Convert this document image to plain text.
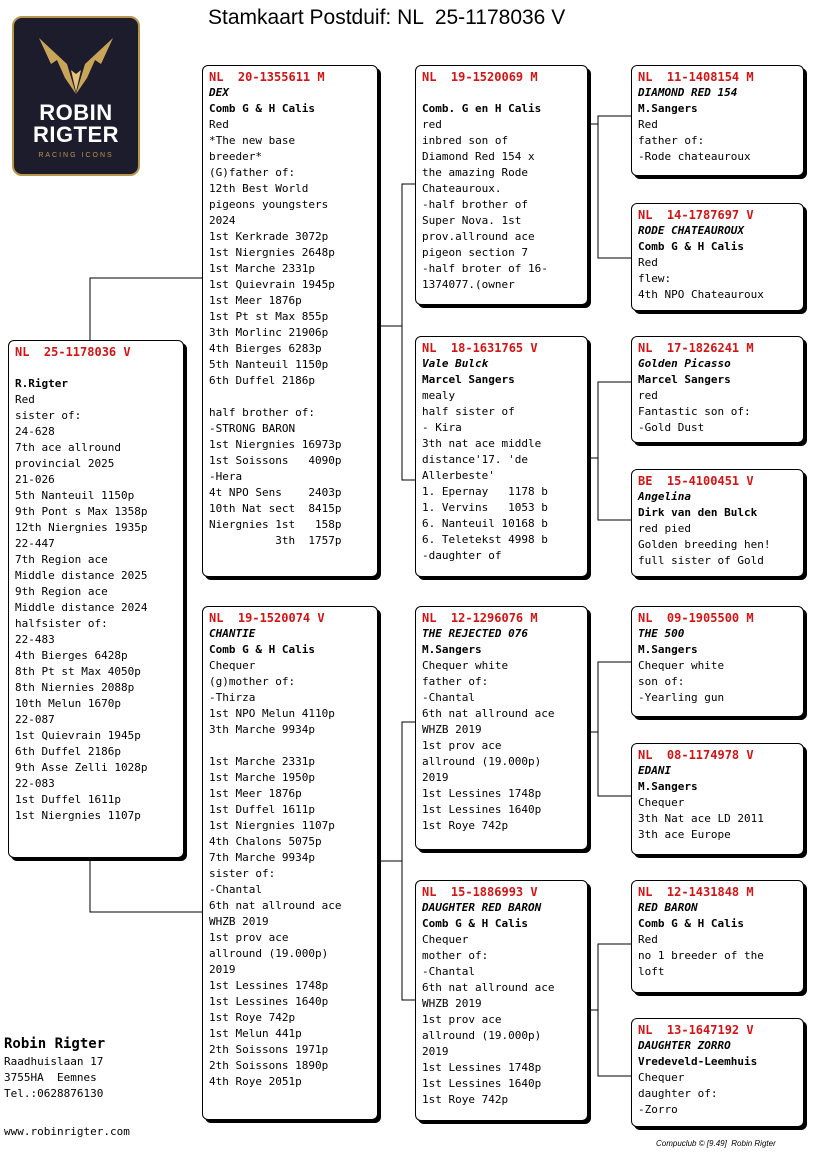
Stamkaart Postduif: NL  25-1178036 V
ROBIN
RIGTER
RACING ICONS
NL  25-1178036 V
R.Rigter
Red
sister of:
24-628
7th ace allround
provincial 2025
21-026
5th Nanteuil 1150p
9th Pont s Max 1358p
12th Niergnies 1935p
22-447
7th Region ace
Middle distance 2025
9th Region ace
Middle distance 2024
halfsister of:
22-483
4th Bierges 6428p
8th Pt st Max 4050p
8th Niernies 2088p
10th Melun 1670p
22-087
1st Quievrain 1945p
6th Duffel 2186p
9th Asse Zelli 1028p
22-083
1st Duffel 1611p
1st Niergnies 1107p
NL  20-1355611 M
DEX
Comb G & H Calis
Red
*The new base
breeder*
(G)father of:
12th Best World
pigeons youngsters
2024
1st Kerkrade 3072p
1st Niergnies 2648p
1st Marche 2331p
1st Quievrain 1945p
1st Meer 1876p
1st Pt st Max 855p
3th Morlinc 21906p
4th Bierges 6283p
5th Nanteuil 1150p
6th Duffel 2186p
half brother of:
-STRONG BARON
1st Niergnies 16973p
1st Soissons   4090p
-Hera
4t NPO Sens    2403p
10th Nat sect  8415p
Niergnies 1st   158p
3th  1757p
NL  19-1520074 V
CHANTIE
Comb G & H Calis
Chequer
(g)mother of:
-Thirza
1st NPO Melun 4110p
3th Marche 9934p
1st Marche 2331p
1st Marche 1950p
1st Meer 1876p
1st Duffel 1611p
1st Niergnies 1107p
4th Chalons 5075p
7th Marche 9934p
sister of:
-Chantal
6th nat allround ace
WHZB 2019
1st prov ace
allround (19.000p)
2019
1st Lessines 1748p
1st Lessines 1640p
1st Roye 742p
1st Melun 441p
2th Soissons 1971p
2th Soissons 1890p
4th Roye 2051p
NL  19-1520069 M
Comb. G en H Calis
red
inbred son of
Diamond Red 154 x
the amazing Rode
Chateauroux.
-half brother of
Super Nova. 1st
prov.allround ace
pigeon section 7
-half broter of 16-
1374077.(owner
NL  18-1631765 V
Vale Bulck
Marcel Sangers
mealy
half sister of
- Kira
3th nat ace middle
distance'17. 'de
Allerbeste'
1. Epernay   1178 b
1. Vervins   1053 b
6. Nanteuil 10168 b
6. Teletekst 4998 b
-daughter of
NL  12-1296076 M
THE REJECTED 076
M.Sangers
Chequer white
father of:
-Chantal
6th nat allround ace
WHZB 2019
1st prov ace
allround (19.000p)
2019
1st Lessines 1748p
1st Lessines 1640p
1st Roye 742p
NL  15-1886993 V
DAUGHTER RED BARON
Comb G & H Calis
Chequer
mother of:
-Chantal
6th nat allround ace
WHZB 2019
1st prov ace
allround (19.000p)
2019
1st Lessines 1748p
1st Lessines 1640p
1st Roye 742p
NL  11-1408154 M
DIAMOND RED 154
M.Sangers
Red
father of:
-Rode chateauroux
NL  14-1787697 V
RODE CHATEAUROUX
Comb G & H Calis
Red
flew:
4th NPO Chateauroux
NL  17-1826241 M
Golden Picasso
Marcel Sangers
red
Fantastic son of:
-Gold Dust
BE  15-4100451 V
Angelina
Dirk van den Bulck
red pied
Golden breeding hen!
full sister of Gold
NL  09-1905500 M
THE 500
M.Sangers
Chequer white
son of:
-Yearling gun
NL  08-1174978 V
EDANI
M.Sangers
Chequer
3th Nat ace LD 2011
3th ace Europe
NL  12-1431848 M
RED BARON
Comb G & H Calis
Red
no 1 breeder of the
loft
NL  13-1647192 V
DAUGHTER ZORRO
Vredeveld-Leemhuis
Chequer
daughter of:
-Zorro
Robin Rigter
Raadhuislaan 17
3755HA  Eemnes
Tel.:0628876130
www.robinrigter.com
Compuclub © [9.49]  Robin Rigter
